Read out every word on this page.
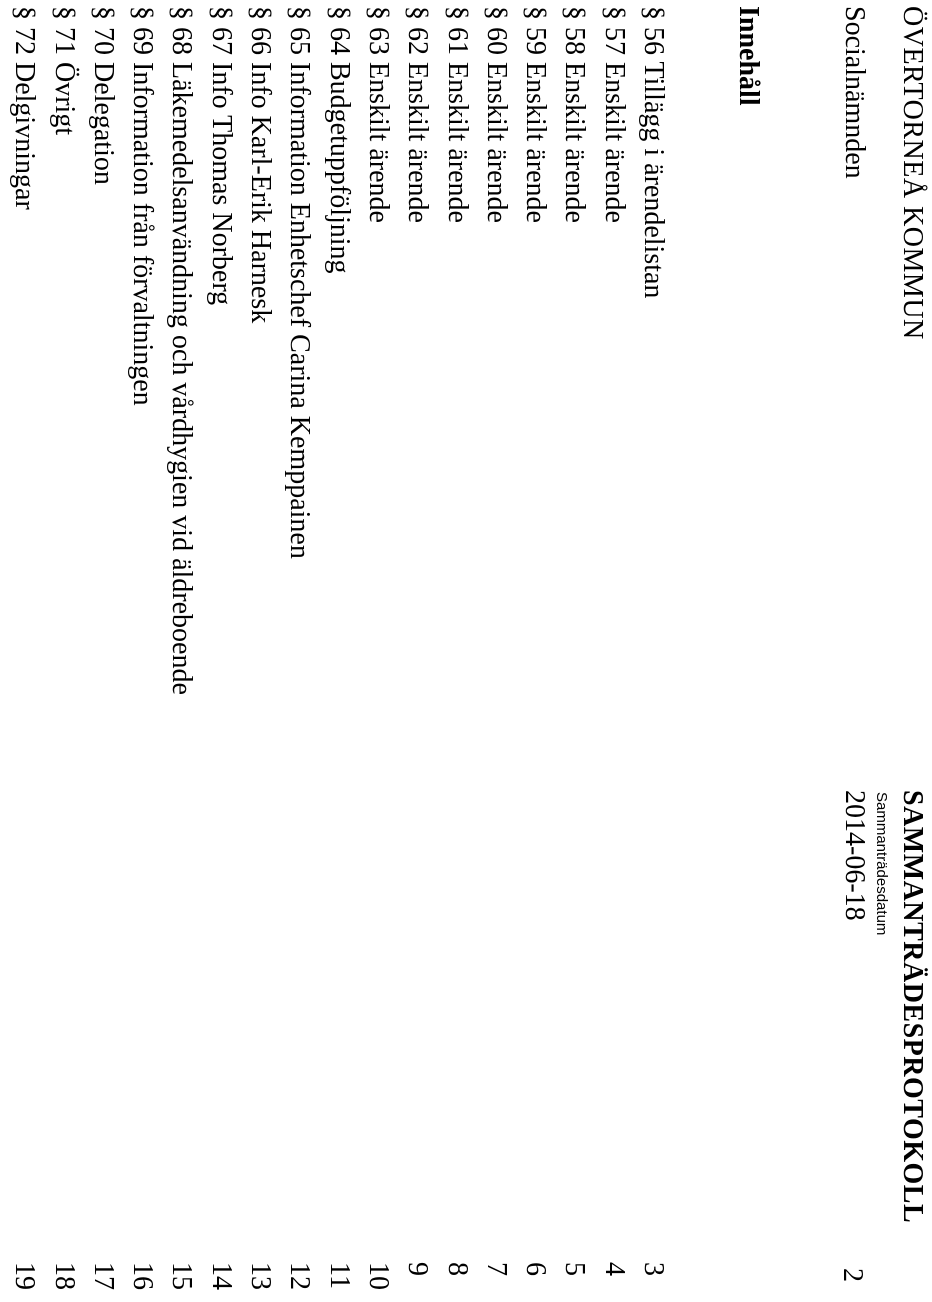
ÖVERTORNEÅ KOMMUN
SAMMANTRÄDESPROTOKOLL
Sammanträdesdatum
Socialnämnden
2014-06-18
2
Innehåll
§ 56 Tillägg i ärendelistan
3
§ 57 Enskilt ärende
4
§ 58 Enskilt ärende
5
§ 59 Enskilt ärende
6
§ 60 Enskilt ärende
7
§ 61 Enskilt ärende
8
§ 62 Enskilt ärende
9
§ 63 Enskilt ärende
10
§ 64 Budgetuppföljning
11
§ 65 Information Enhetschef Carina Kemppainen
12
§ 66 Info Karl-Erik Harnesk
13
§ 67 Info Thomas Norberg
14
§ 68 Läkemedelsanvändning och vårdhygien vid äldreboende
15
§ 69 Information från förvaltningen
16
§ 70 Delegation
17
§ 71 Övrigt
18
§ 72 Delgivningar
19
